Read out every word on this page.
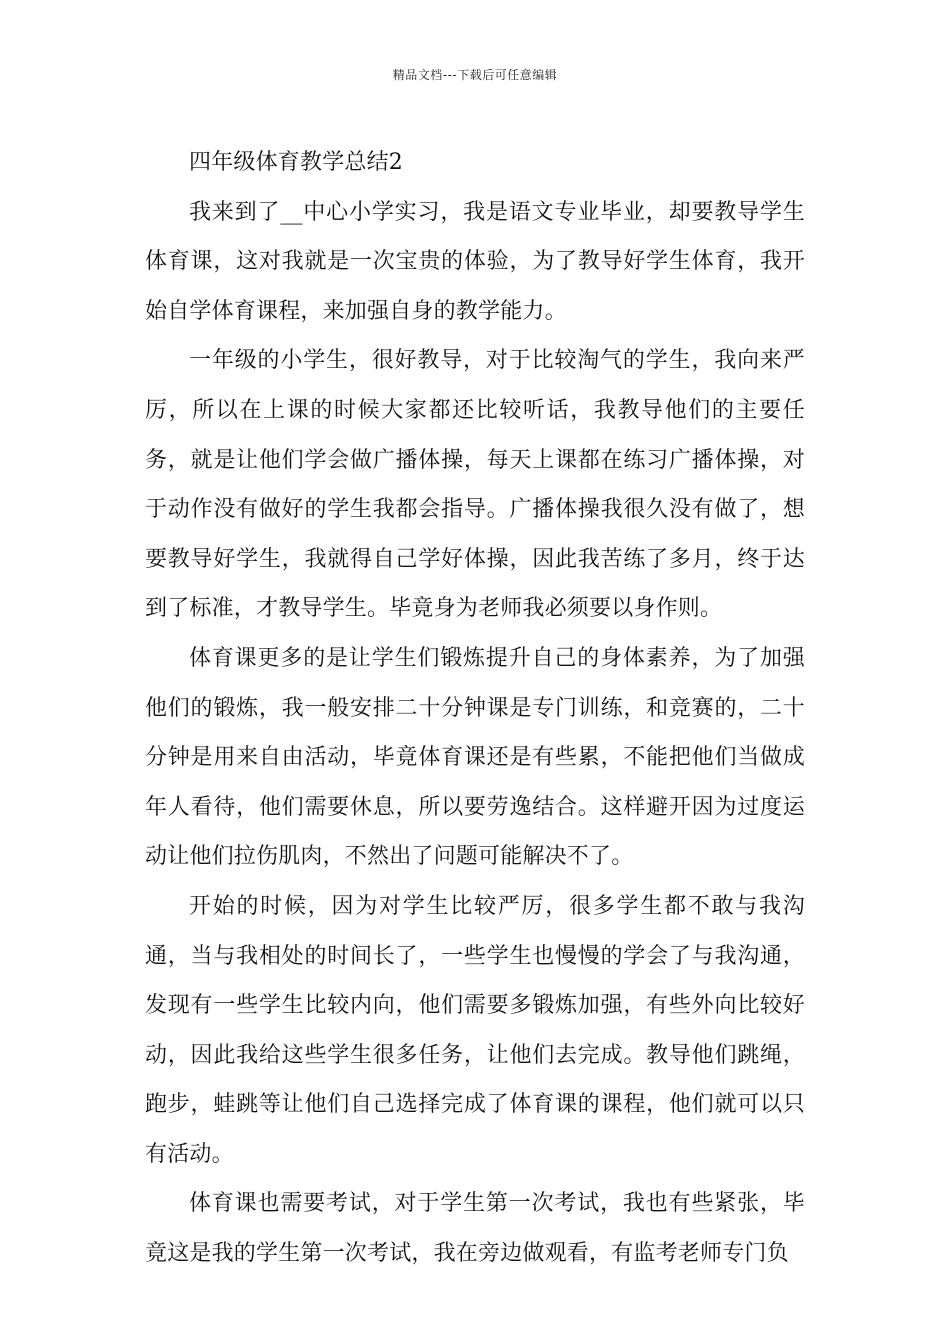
精品文档---下载后可任意编辑

四年级体育教学总结2

我来到了__中心小学实习，我是语文专业毕业，却要教导学生体育课，这对我就是一次宝贵的体验，为了教导好学生体育，我开始自学体育课程，来加强自身的教学能力。

一年级的小学生，很好教导，对于比较淘气的学生，我向来严厉，所以在上课的时候大家都还比较听话，我教导他们的主要任务，就是让他们学会做广播体操，每天上课都在练习广播体操，对于动作没有做好的学生我都会指导。广播体操我很久没有做了，想要教导好学生，我就得自己学好体操，因此我苦练了多月，终于达到了标准，才教导学生。毕竟身为老师我必须要以身作则。

体育课更多的是让学生们锻炼提升自己的身体素养，为了加强他们的锻炼，我一般安排二十分钟课是专门训练，和竞赛的，二十分钟是用来自由活动，毕竟体育课还是有些累，不能把他们当做成年人看待，他们需要休息，所以要劳逸结合。这样避开因为过度运动让他们拉伤肌肉，不然出了问题可能解决不了。

开始的时候，因为对学生比较严厉，很多学生都不敢与我沟通，当与我相处的时间长了，一些学生也慢慢的学会了与我沟通，发现有一些学生比较内向，他们需要多锻炼加强，有些外向比较好动，因此我给这些学生很多任务，让他们去完成。教导他们跳绳，跑步，蛙跳等让他们自己选择完成了体育课的课程，他们就可以只有活动。

体育课也需要考试，对于学生第一次考试，我也有些紧张，毕竟这是我的学生第一次考试，我在旁边做观看，有监考老师专门负
